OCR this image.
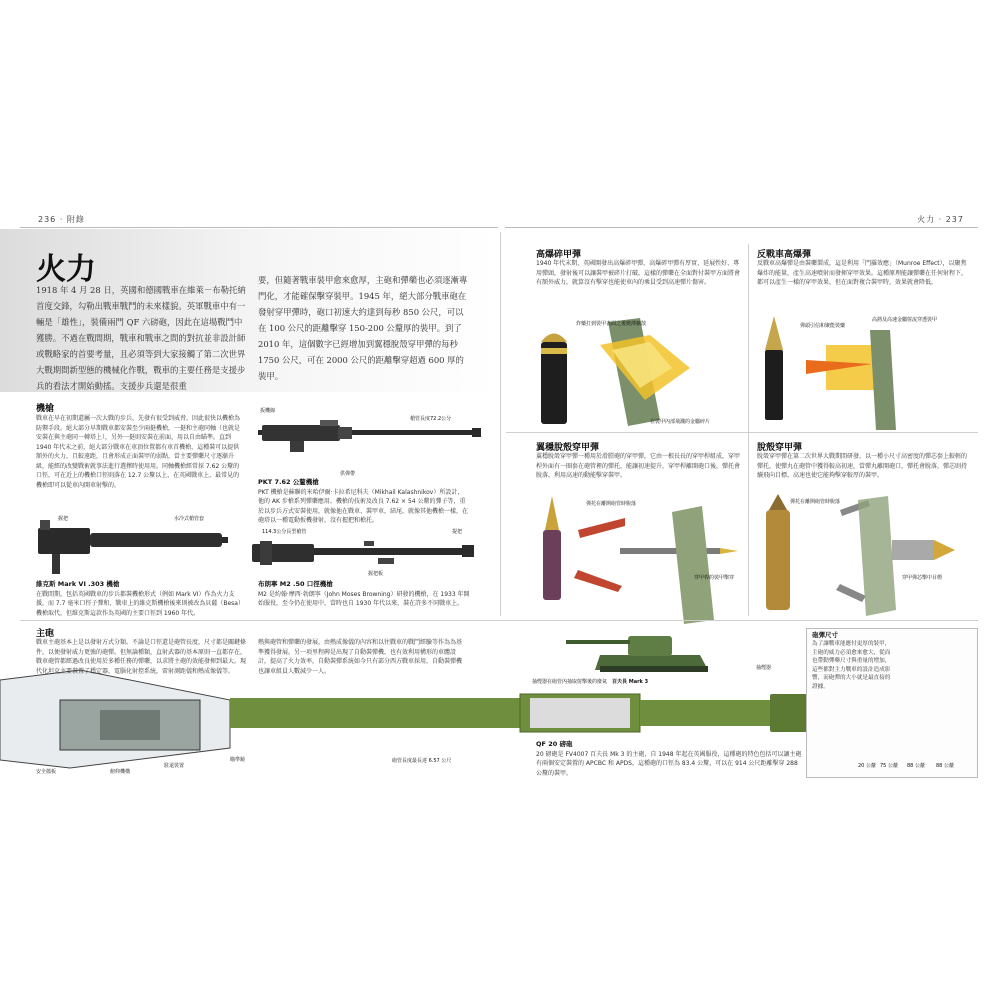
236 · 附錄	火力 · 237
火力
1918 年 4 月 28 日，英國和德國戰車在維萊－布勒托納首度交鋒，勾勒出戰車戰鬥的未來樣貌。英軍戰車中有一輛是「雄性」，裝備兩門 QF 六磅砲，因此在這場戰鬥中獲勝。不過在戰間期，戰車和戰車之間的對抗並非設計師或戰略家的首要考量，且必須等到大家接觸了第二次世界大戰期間新型態的機械化作戰，戰車的主要任務是支援步兵的看法才開始動搖。支援步兵還是很重
要，但隨著戰車裝甲愈來愈厚，主砲和彈藥也必須逐漸專門化，才能確保擊穿裝甲。1945 年，絕大部分戰車砲在發射穿甲彈時，砲口初速大約達到每秒 850 公尺，可以在 100 公尺的距離擊穿 150-200 公釐厚的裝甲。到了 2010 年，這個數字已經增加到翼穩脫殼穿甲彈的每秒 1750 公尺，可在 2000 公尺的距離擊穿超過 600 厚的裝甲。
機槍
戰車在早在初期還屬一次大戰的步兵，先發有很受到威脅，因此很快以機槍為防禦手段。絕大部分早期戰車都安裝至少兩挺機槍，一挺和主砲同軸（也就是安裝在與主砲同一轉塔上），另外一挺則安裝在前面，用以自由瞄準。直到 1940 年代末之前，絕大部分戰車在車頂位置都有車首機槍，這種裝可以提供額外的火力，且較遠距，且會形成正面裝甲的弱點，當主要彈藥尺寸逐漸升級，能經的改變戰術就事法進行選擇時使用用。同軸機槍經常採 7.62 公釐的口徑，可在近上的機槍口徑則落在 12.7 公釐以上，在英國戰車上，最常見的機槍即可以從車內開車射擊的。
扳機線
槍管長度72.2公分
供彈帶
PKT 7.62 公釐機槍
PKT 機槍是蘇聯的米哈伊爾‧卡拉希尼科夫（Mikhail Kalashnikov）所設計，他的 AK 步槍系列彈藥應用。機槍的技術及改良 7.62 × 54 公釐的彈子等，重於以步兵方式安裝使用，就像他在戰車、裝甲車，結尾，就像其他機槍一樣，在砲塔以一種電動扳機發射，沒有握把和槍托。
114.3公分長型槍管	提把
握把板
布朗寧 M2 .50 口徑機槍
M2 是約翰‧摩西‧勃朗寧（John Moses Browning）研發的機槍，在 1933 年開始服役，至今仍在使用中，當時也自 1930 年代以來，裝在許多不同戰車上。
握把	水冷式槍管套
維克斯 Mark VI .303 機槍
在戰間期，包括英國戰車的步兵都裝機槍形式（例如 Mark VI）作為火力支援，而 7.7 毫米口徑子彈和，戰車上的維克斯機槍後來則被改為貝薩（Besa）機槍取代，但維克斯這款作為英國的主要口徑到 1960 年代。
高爆碎甲彈
1940 年代末期，英國開發出高爆碎甲彈，高爆碎甲彈有厚實、延展性好、專用彈頭，發射後可以讓裝甲被碎片打破，這樣的彈藥在全面對付裝甲方面將會有額外威力，就算沒有擊穿也能使車內的乘員受到高速彈片傷害。
炸藥打到裝甲表面之後變薄擴散
在裝甲內部飛濺的金屬碎片
反戰車高爆彈
反戰車高爆彈是由裝藥製成，這是利用「門羅效應」（Munroe Effect），以聚焦爆炸的能量，產生高速噴射而發揮穿甲效果。這種原理能讓彈藥在任何射程下，都可以產生一樣的穿甲效果，但在面對複合裝甲時，效果就會降低。
彈頭引信和聚能裝藥
高熱及高速金屬射流穿透裝甲
翼穩脫殼穿甲彈
翼穩脫殼穿甲彈一種用於滑膛砲的穿甲彈，它由一根長長的穿甲桿組成，穿甲桿外面有一圈套在砲管裡的彈托，能讓初速提升，穿甲桿離開砲口後，彈托會脫落，利用高速的動能擊穿裝甲。
彈托在離開砲管時脫落
穿甲桿的裝甲擊穿
脫殼穿甲彈
脫殼穿甲彈在第二次世界大戰期間研發，以一種小尺寸高密度的彈芯套上較輕的彈托，使彈丸在砲管中獲得較高初速，當彈丸離開砲口，彈托會脫落，彈芯則持續飛向目標，高速也使它能夠擊穿較厚的裝甲。
彈托在離開砲管時脫落
穿甲彈芯擊中目標
主砲
戰車主砲基本上是以發射方式分類。不論是口徑還是砲管長度，尺寸都是關鍵條件，以便發射威力更強的砲彈。但無論種類，直射武器的基本原則一直都存在，戰車砲管都經過改良使用於多種任務的彈藥，以求將主砲的效能發揮到最大。現代化坦克主要裝置了穩定器，電腦化射控系統，雷射測距儀和熱成像儀等。
熱與砲管和彈藥的發展，由熱成像儀的內容和以往戰車的戰鬥經驗等作為為基準獲得發展。另一項里程碑是出現了自動裝彈機，也有效利用構形的車體設計，提高了火力效率，自動裝彈系統如今只有部分西方戰車採用，自動裝彈機也讓車組員人數減少一人。
百夫長 Mark 3
抽煙器在砲管內抽取射擊後的廢氣
抽煙器
砲管長度最長達 6.57 公尺
安全擋板	俯仰機構
駐退裝置
瞄準鏡
QF 20 磅砲
20 磅砲是 FV4007 百夫長 Mk 3 的主砲，自 1948 年起在英國服役，這種砲的特色包括可以讓主砲有兩個安定裝置的 APCBC 和 APDS，這種砲的口徑為 83.4 公釐，可以在 914 公尺距離擊穿 288 公釐的裝甲。
砲彈尺寸
為了讓戰車能應付更厚的裝甲，主砲的威力必須愈來愈大，從而也帶動彈藥尺寸與重量的增加，這些都對主力戰車的設計造成影響，而砲彈的大小就是最直接的證據。
20 公釐 75 公釐 88 公釐 88 公釐
